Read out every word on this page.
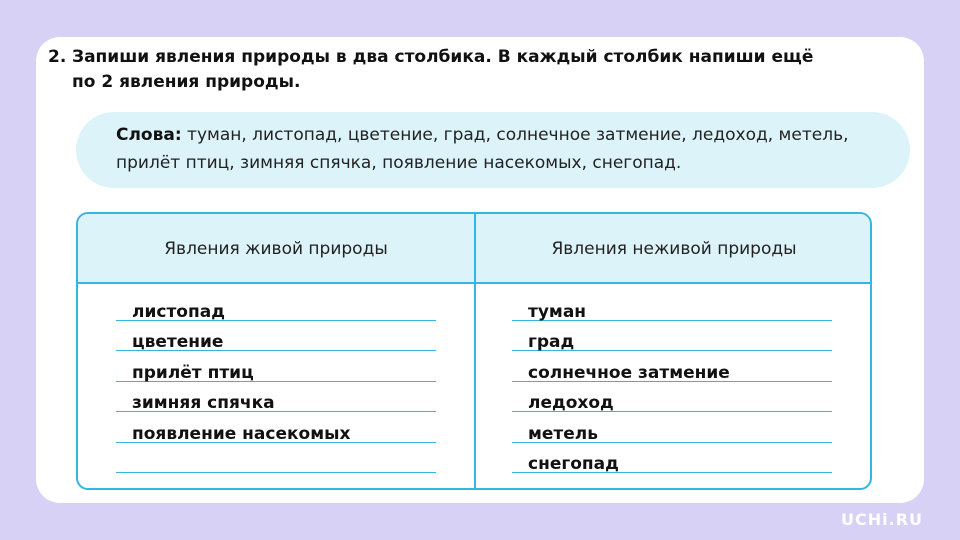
2. Запиши явления природы в два столбика. В каждый столбик напиши ещё по 2 явления природы.
Слова: туман, листопад, цветение, град, солнечное затмение, ледоход, метель, прилёт птиц, зимняя спячка, появление насекомых, снегопад.
Явления живой природы	Явления неживой природы
листопад
цветение
прилёт птиц
зимняя спячка
появление насекомых
туман
град
солнечное затмение
ледоход
метель
снегопад
UCHi.RU
